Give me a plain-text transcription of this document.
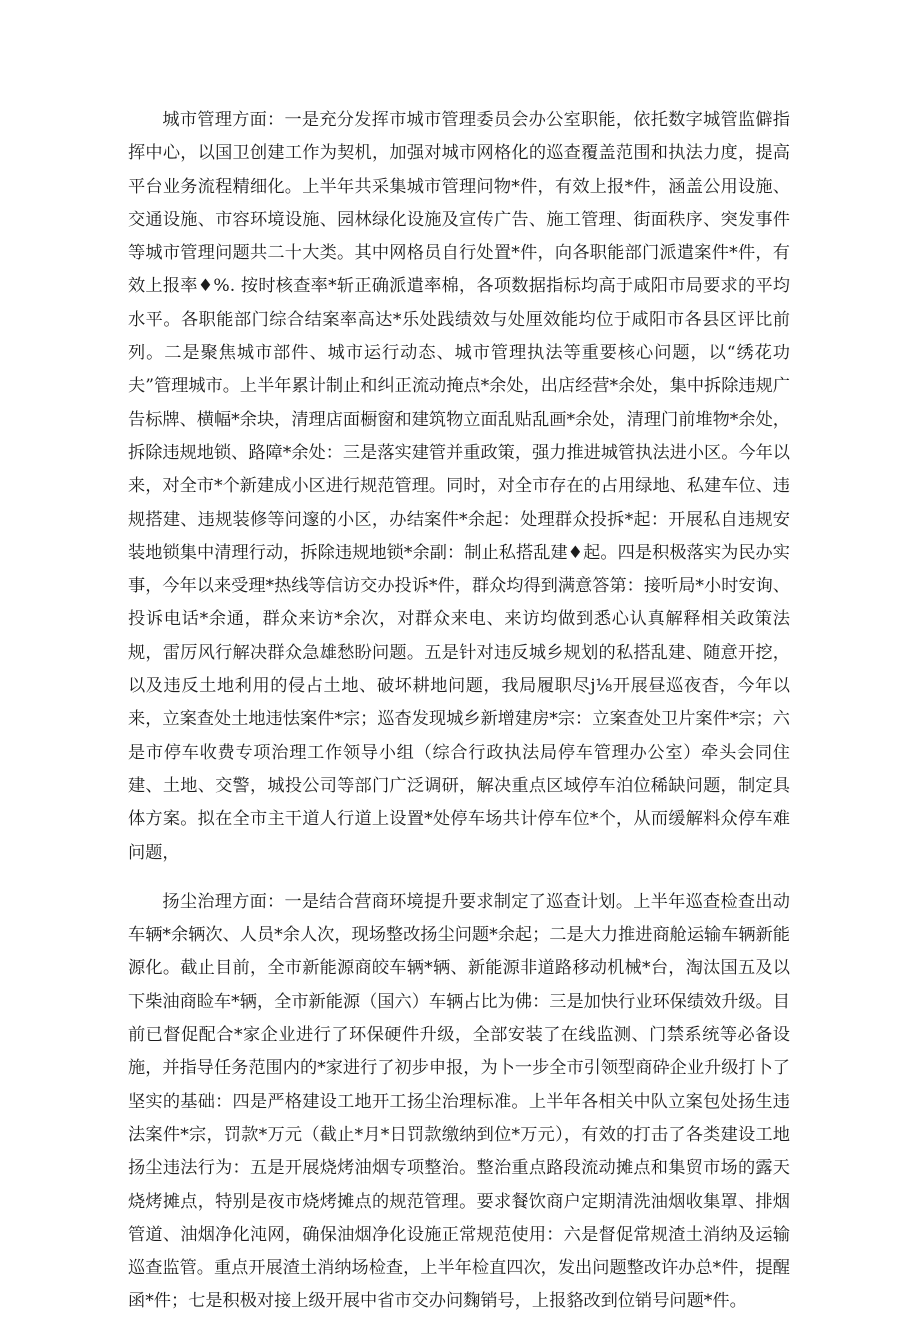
城市管理方面：一是充分发挥市城市管理委员会办公室职能，依托数字城管监僻指挥中心，以国卫创建工作为契机，加强对城市网格化的巡查覆盖范围和执法力度，提高平台业务流程精细化。上半年共采集城市管理问物*件，有效上报*件，涵盖公用设施、交通设施、市容环境设施、园林绿化设施及宣传广告、施工管理、街面秩序、突发事件等城市管理问题共二十大类。其中网格员自行处置*件，向各职能部门派遣案件*件，有效上报率♦%. 按时核查率*斩正确派遣率棉，各项数据指标均高于咸阳市局要求的平均水平。各职能部门综合结案率高达*乐处践绩效与处厘效能均位于咸阳市各县区评比前列。二是聚焦城市部件、城市运行动态、城市管理执法等重要核心问题，以“绣花功夫”管理城市。上半年累计制止和纠正流动掩点*余处，出店经营*余处，集中拆除违规广告标牌、横幅*余块，清理店面橱窗和建筑物立面乱贴乱画*余处，清理门前堆物*余处，拆除违规地锁、路障*余处：三是落实建管并重政策，强力推进城管执法进小区。今年以来，对全市*个新建成小区进行规范管理。同时，对全市存在的占用绿地、私建车位、违规搭建、违规装修等问邃的小区，办结案件*余起：处理群众投拆*起：开展私自违规安装地锁集中清理行动，拆除违规地锁*余副：制止私搭乱建♦起。四是积极落实为民办实事，今年以来受理*热线等信访交办投诉*件，群众均得到满意答第：接听局*小时安询、投诉电话*余通，群众来访*余次，对群众来电、来访均做到悉心认真解释相关政策法规，雷厉风行解决群众急雄愁盼问题。五是针对违反城乡规划的私搭乱建、随意开挖，以及违反土地利用的侵占土地、破坏耕地问题，我局履职尽j⅛开展昼巡夜杳，今年以来，立案查处土地违怯案件*宗；巡杳发现城乡新增建房*宗：立案查处卫片案件*宗；六是市停车收费专项治理工作领导小组（综合行政执法局停车管理办公室）牵头会同住建、土地、交警，城投公司等部门广泛调研，解决重点区域停车泊位稀缺问题，制定具体方案。拟在全市主干道人行道上设置*处停车场共计停车位*个，从而缓解料众停车难问题，

扬尘治理方面：一是结合营商环境提升要求制定了巡查计划。上半年巡查检查出动车辆*余辆次、人员*余人次，现场整改扬尘问题*余起；二是大力推进商舱运输车辆新能源化。截止目前，全市新能源商皎车辆*辆、新能源非道路移动机械*台，淘汰国五及以下柴油商睑车*辆，全市新能源（国六）车辆占比为佛：三是加快行业环保绩效升级。目前已督促配合*家企业进行了环保硬件升级，全部安装了在线监测、门禁系统等必备设施，并指导任务范围内的*家进行了初步申报，为卜一步全市引领型商砕企业升级打卜了坚实的基础：四是严格建设工地开工扬尘治理标准。上半年各相关中队立案包处扬生违法案件*宗，罚款*万元（截止*月*日罚款缴纳到位*万元），有效的打击了各类建设工地扬尘违法行为：五是开展烧烤油烟专项整治。整治重点路段流动摊点和集贸市场的露天烧烤摊点，特别是夜市烧烤摊点的规范管理。要求餐饮商户定期清洗油烟收集罩、排烟管道、油烟净化沌网，确保油烟净化设施正常规范使用：六是督促常规渣土消纳及运输巡查监管。重点开展渣土消纳场检查，上半年检直四次，发出问题整改许办总*件，提醒函*件；七是积极对接上级开展中省市交办问麴销号，上报貉改到位销号问题*件。
